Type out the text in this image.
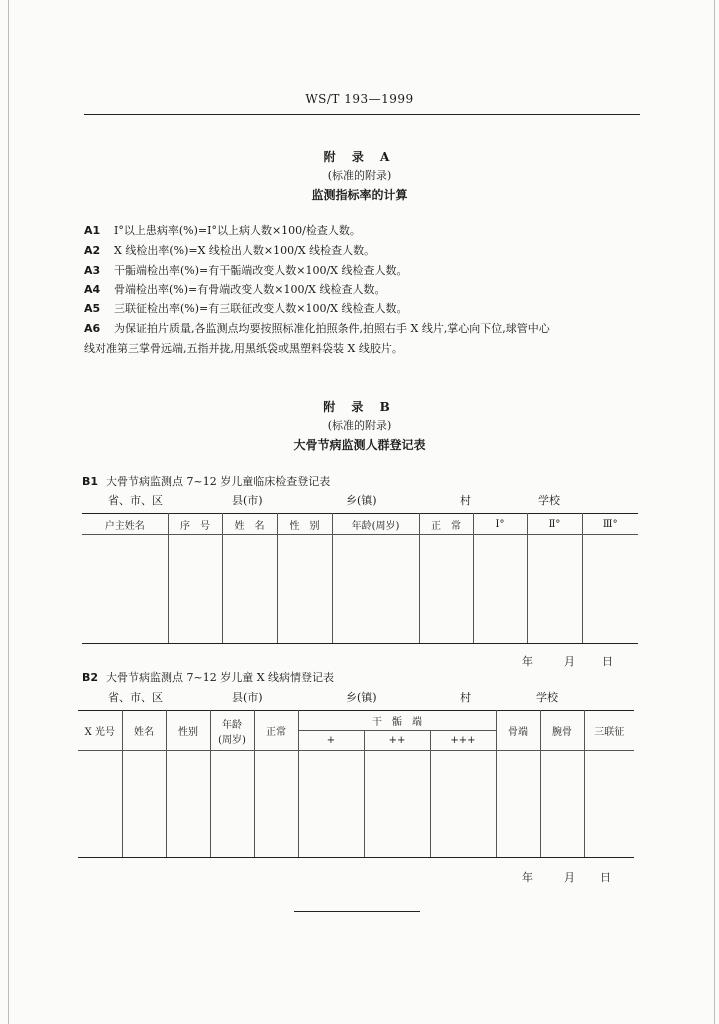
WS/T 193—1999
附 录 A
(标准的附录)
监测指标率的计算
A1 Ⅰ°以上患病率(%)=Ⅰ°以上病人数×100/检查人数。
A2 X 线检出率(%)=X 线检出人数×100/X 线检查人数。
A3 干骺端检出率(%)=有干骺端改变人数×100/X 线检查人数。
A4 骨端检出率(%)=有骨端改变人数×100/X 线检查人数。
A5 三联征检出率(%)=有三联征改变人数×100/X 线检查人数。
A6 为保证拍片质量,各监测点均要按照标准化拍照条件,拍照右手 X 线片,掌心向下位,球管中心
线对准第三掌骨远端,五指并拢,用黑纸袋或黑塑料袋装 X 线胶片。
附 录 B
(标准的附录)
大骨节病监测人群登记表
B1 大骨节病监测点 7~12 岁儿童临床检查登记表
省、市、区	县(市)	乡(镇)	村	学校
户主姓名	序　号	姓　名	性　别	年龄(周岁)	正　常	Ⅰ°	Ⅱ°	Ⅲ°

年	月 日
B2 大骨节病监测点 7~12 岁儿童 X 线病情登记表
省、市、区	县(市)	乡(镇)	村	学校
X 光号	姓名	性别	年龄
(周岁)	正常	干　骺　端			骨端	腕骨	三联征
					+	++	+++			

年	月 日
